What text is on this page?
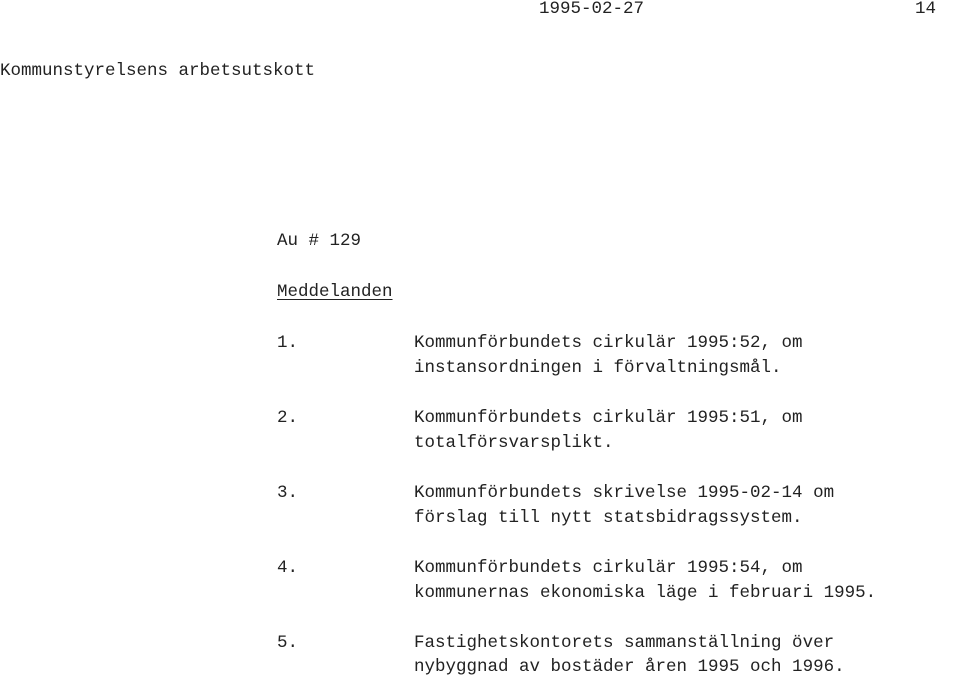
1995-02-27	14
Kommunstyrelsens arbetsutskott
Au # 129
Meddelanden
1.	Kommunförbundets cirkulär 1995:52, om
instansordningen i förvaltningsmål.
2.	Kommunförbundets cirkulär 1995:51, om
totalförsvarsplikt.
3.	Kommunförbundets skrivelse 1995-02-14 om
förslag till nytt statsbidragssystem.
4.	Kommunförbundets cirkulär 1995:54, om
kommunernas ekonomiska läge i februari 1995.
5.	Fastighetskontorets sammanställning över
nybyggnad av bostäder åren 1995 och 1996.
